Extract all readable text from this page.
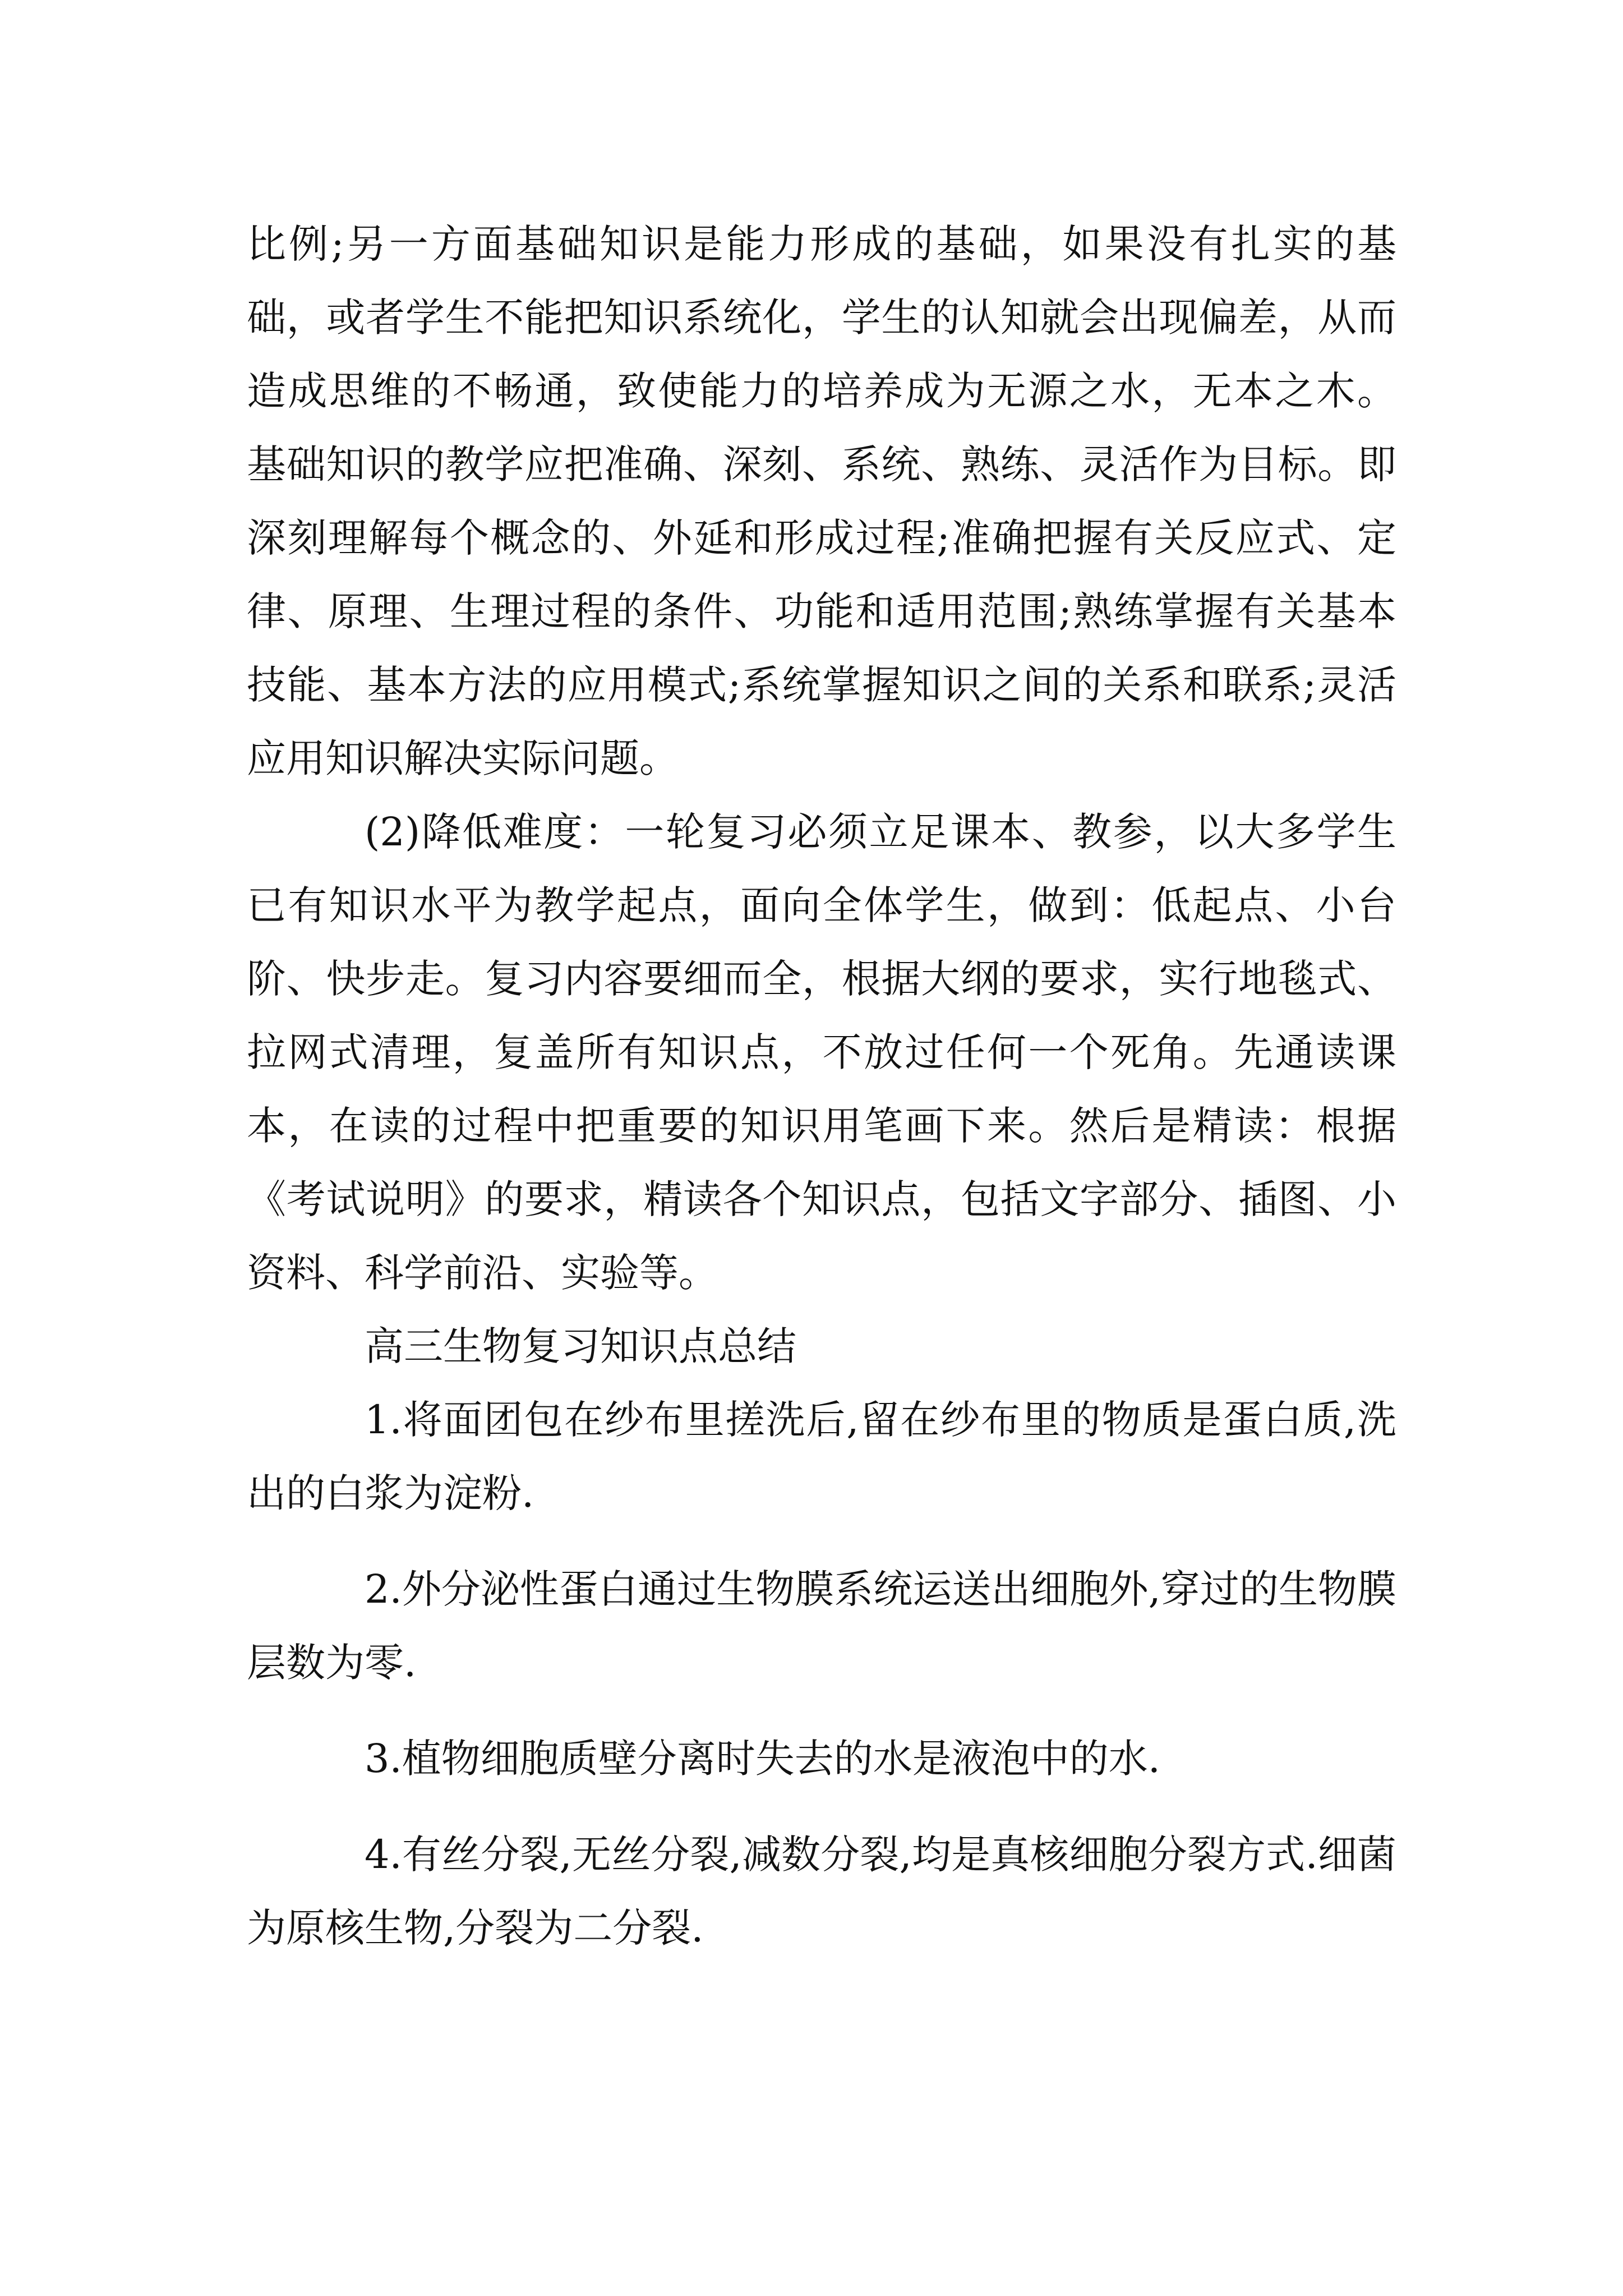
比例;另一方面基础知识是能力形成的基础，如果没有扎实的基础，或者学生不能把知识系统化，学生的认知就会出现偏差，从而造成思维的不畅通，致使能力的培养成为无源之水，无本之木。 基础知识的教学应把准确、深刻、系统、熟练、灵活作为目标。即深刻理解每个概念的、外延和形成过程;准确把握有关反应式、定律、原理、生理过程的条件、功能和适用范围;熟练掌握有关基本技能、基本方法的应用模式;系统掌握知识之间的关系和联系;灵活应用知识解决实际问题。

(2)降低难度：一轮复习必须立足课本、教参，以大多学生已有知识水平为教学起点，面向全体学生，做到：低起点、小台阶、快步走。复习内容要细而全，根据大纲的要求，实行地毯式、拉网式清理，复盖所有知识点，不放过任何一个死角。先通读课本，在读的过程中把重要的知识用笔画下来。然后是精读：根据《考试说明》的要求，精读各个知识点，包括文字部分、插图、小资料、科学前沿、实验等。

高三生物复习知识点总结

1.将面团包在纱布里搓洗后,留在纱布里的物质是蛋白质,洗出的白浆为淀粉.

2.外分泌性蛋白通过生物膜系统运送出细胞外,穿过的生物膜层数为零.

3.植物细胞质壁分离时失去的水是液泡中的水.

4.有丝分裂,无丝分裂,减数分裂,均是真核细胞分裂方式.细菌为原核生物,分裂为二分裂.
